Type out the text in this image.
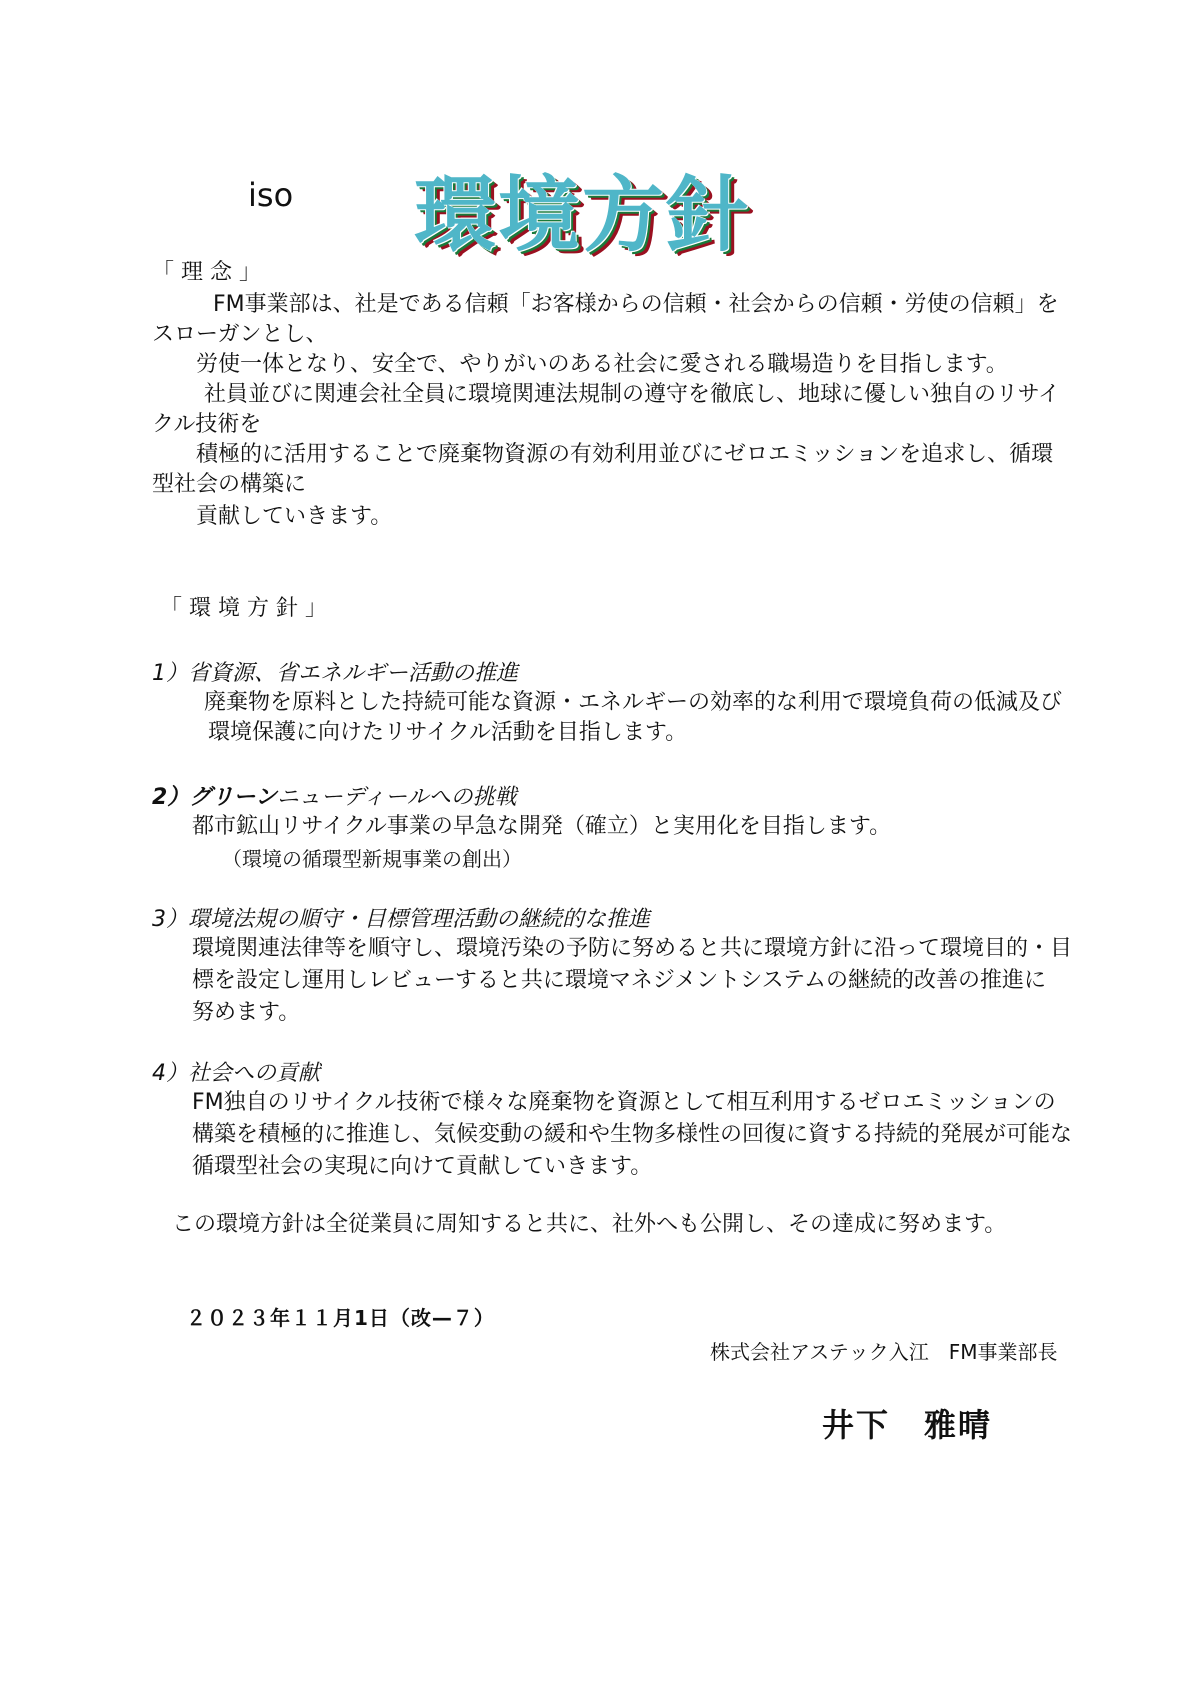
iso 環境方針
「 理 念 」
FM事業部は、社是である信頼「お客様からの信頼・社会からの信頼・労使の信頼」を
スローガンとし、
労使一体となり、安全で、やりがいのある社会に愛される職場造りを目指します。
社員並びに関連会社全員に環境関連法規制の遵守を徹底し、地球に優しい独自のリサイ
クル技術を
積極的に活用することで廃棄物資源の有効利用並びにゼロエミッションを追求し、循環
型社会の構築に
貢献していきます。
「 環 境 方 針 」
1）省資源、省エネルギー活動の推進
廃棄物を原料とした持続可能な資源・エネルギーの効率的な利用で環境負荷の低減及び
環境保護に向けたリサイクル活動を目指します。
2）グリーンニューディールへの挑戦
都市鉱山リサイクル事業の早急な開発（確立）と実用化を目指します。
（環境の循環型新規事業の創出）
3）環境法規の順守・目標管理活動の継続的な推進
環境関連法律等を順守し、環境汚染の予防に努めると共に環境方針に沿って環境目的・目
標を設定し運用しレビューすると共に環境マネジメントシステムの継続的改善の推進に
努めます。
4）社会への貢献
FM独自のリサイクル技術で様々な廃棄物を資源として相互利用するゼロエミッションの
構築を積極的に推進し、気候変動の緩和や生物多様性の回復に資する持続的発展が可能な
循環型社会の実現に向けて貢献していきます。
この環境方針は全従業員に周知すると共に、社外へも公開し、その達成に努めます。
２０２３年１１月1日（改—７）
株式会社アステック入江　FM事業部長
井下　雅晴
